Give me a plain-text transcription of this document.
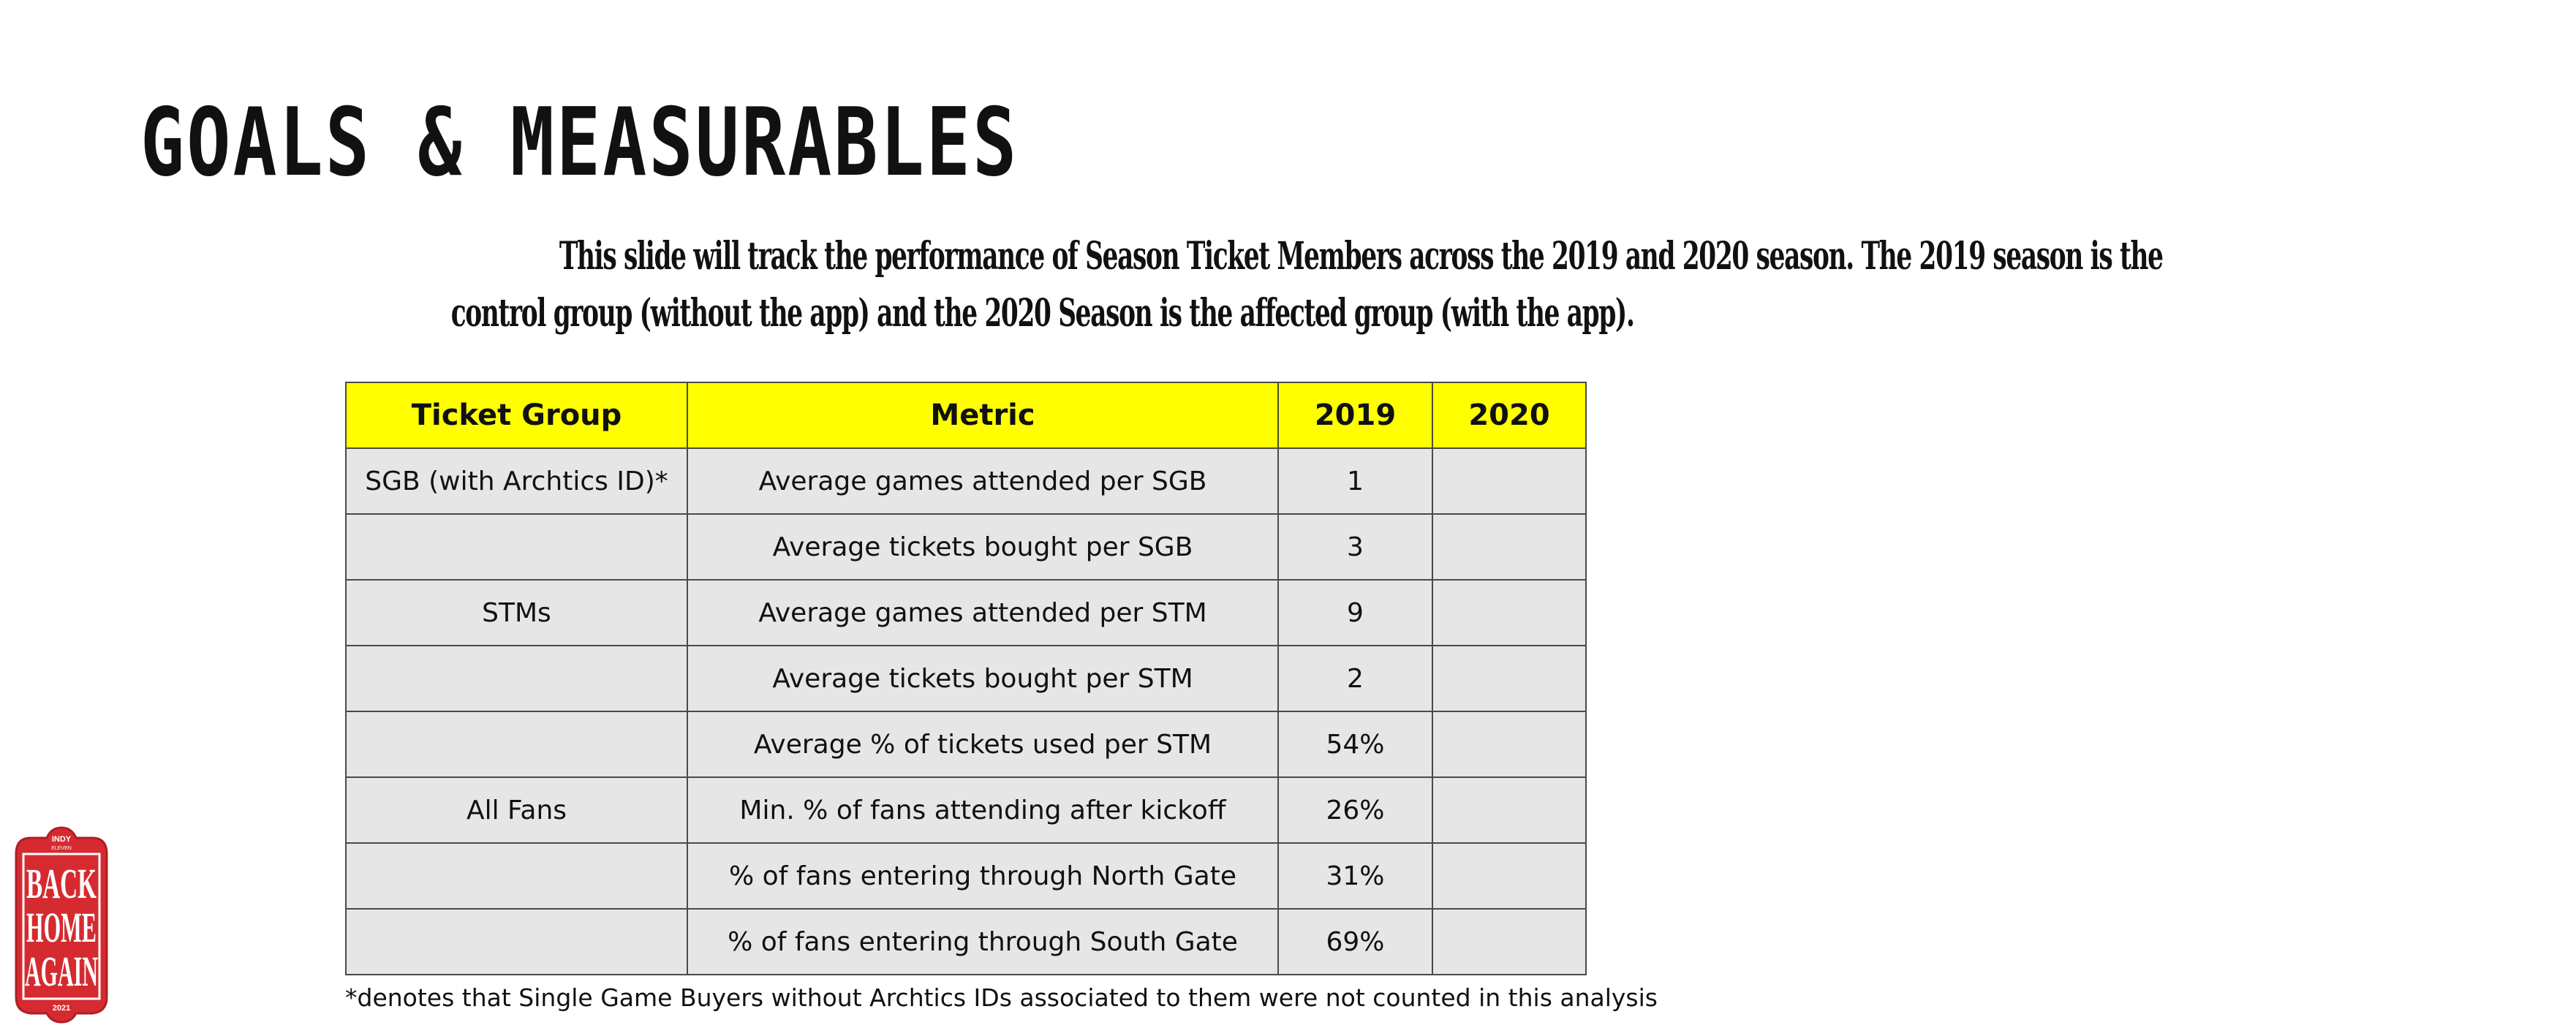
GOALS & MEASURABLES

This slide will track the performance of Season Ticket Members across the 2019 and 2020 season. The 2019 season is the
control group (without the app) and the 2020 Season is the affected group (with the app).

Ticket Group	Metric	2019	2020
SGB (with Archtics ID)*	Average games attended per SGB	1	
	Average tickets bought per SGB	3	
STMs	Average games attended per STM	9	
	Average tickets bought per STM	2	
	Average % of tickets used per STM	54%	
All Fans	Min. % of fans attending after kickoff	26%	
	% of fans entering through North Gate	31%	
	% of fans entering through South Gate	69%	

*denotes that Single Game Buyers without Archtics IDs associated to them were not counted in this analysis

INDY
ELEVEN
BACK
HOME
AGAIN
2021
